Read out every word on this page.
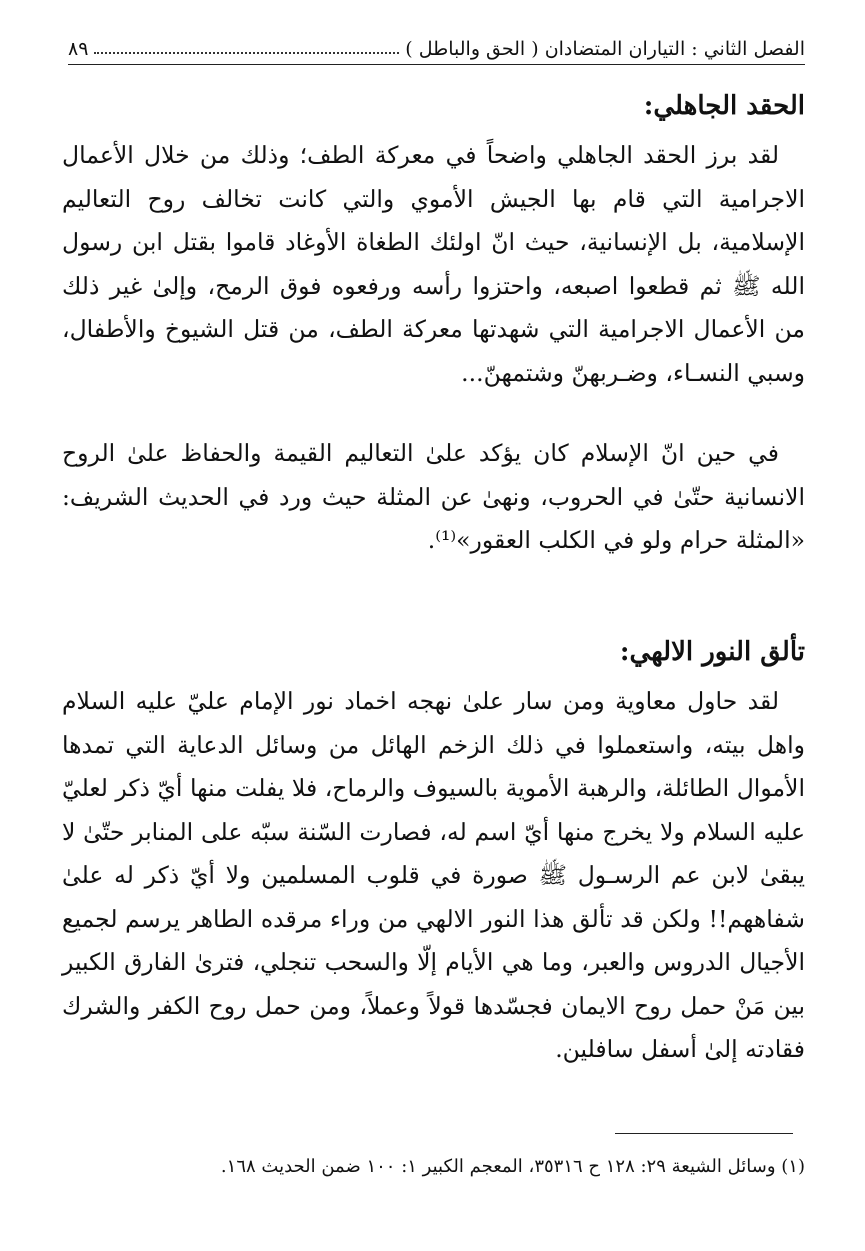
الفصل الثاني : التياران المتضادان ( الحق والباطل )
٨٩
الحقد الجاهلي:

لقد برز الحقد الجاهلي واضحاً في معركة الطف؛ وذلك من خلال الأعمال الاجرامية التي قام بها الجيش الأموي والتي كانت تخالف روح التعاليم الإسلامية، بل الإنسانية، حيث انّ اولئك الطغاة الأوغاد قاموا بقتل ابن رسول الله ﷺ ثم قطعوا اصبعه، واحتزوا رأسه ورفعوه فوق الرمح، وإلىٰ غير ذلك من الأعمال الاجرامية التي شهدتها معركة الطف، من قتل الشيوخ والأطفال، وسبي النسـاء، وضـربهنّ وشتمهنّ...

في حين انّ الإسلام كان يؤكد علىٰ التعاليم القيمة والحفاظ علىٰ الروح الانسانية حتّىٰ في الحروب، ونهىٰ عن المثلة حيث ورد في الحديث الشريف: «المثلة حرام ولو في الكلب العقور»⁽¹⁾.

تألق النور الالهي:

لقد حاول معاوية ومن سار علىٰ نهجه اخماد نور الإمام عليّ عليه السلام واهل بيته، واستعملوا في ذلك الزخم الهائل من وسائل الدعاية التي تمدها الأموال الطائلة، والرهبة الأموية بالسيوف والرماح، فلا يفلت منها أيّ ذكر لعليّ عليه السلام ولا يخرج منها أيّ اسم له، فصارت السّنة سبّه على المنابر حتّىٰ لا يبقىٰ لابن عم الرسـول ﷺ صورة في قلوب المسلمين ولا أيّ ذكر له علىٰ شفاههم!! ولكن قد تألق هذا النور الالهي من وراء مرقده الطاهر يرسم لجميع الأجيال الدروس والعبر، وما هي الأيام إلّا والسحب تنجلي، فترىٰ الفارق الكبير بين مَنْ حمل روح الايمان فجسّدها قولاً وعملاً، ومن حمل روح الكفر والشرك فقادته إلىٰ أسفل سافلين.

(١) وسائل الشيعة ٢٩: ١٢٨ ح ٣٥٣١٦، المعجم الكبير ١: ١٠٠ ضمن الحديث ١٦٨.
